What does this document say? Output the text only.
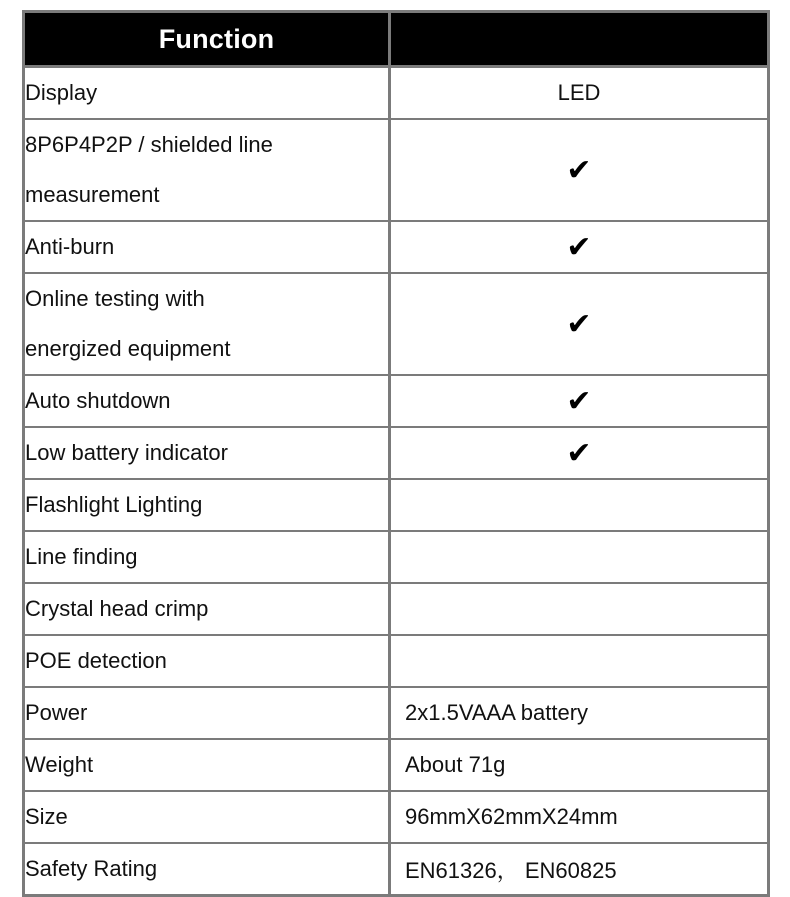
Function	

Display	LED

8P6P4P2P / shielded line
measurement	✔

Anti-burn	✔

Online testing with
energized equipment	✔

Auto shutdown	✔

Low battery indicator	✔

Flashlight Lighting	

Line finding	

Crystal head crimp	

POE detection	

Power	2x1.5VAAA battery

Weight	About 71g

Size	96mmX62mmX24mm

Safety Rating	EN61326， EN60825
